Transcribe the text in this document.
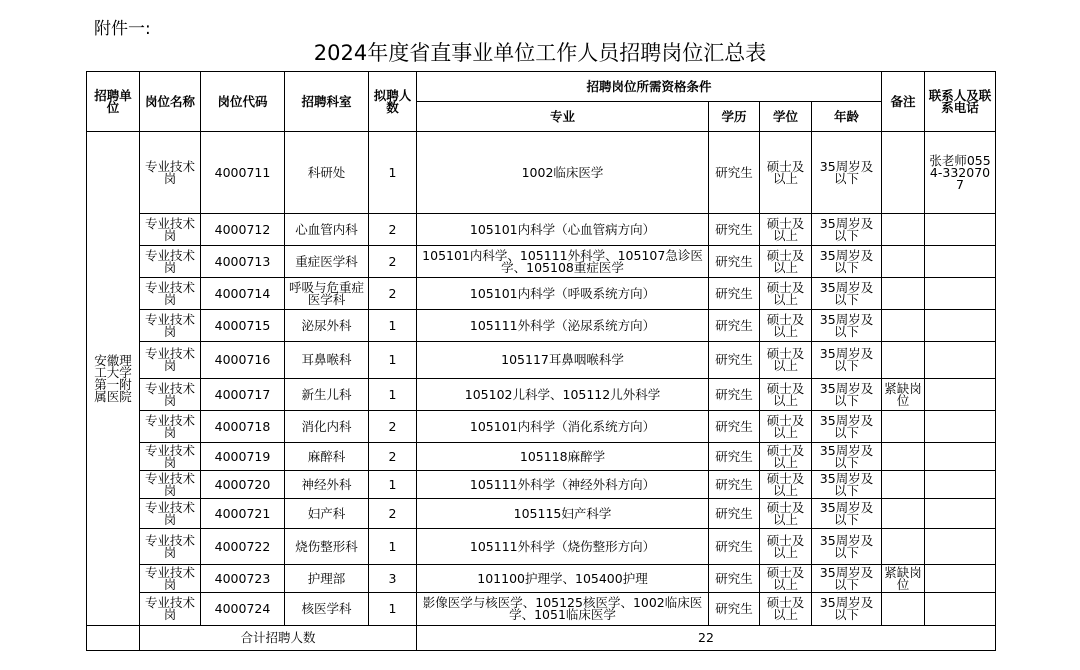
附件一:
2024年度省直事业单位工作人员招聘岗位汇总表
招聘单位	岗位名称	岗位代码	招聘科室	拟聘人数	招聘岗位所需资格条件				备注	联系人及联系电话
					专业	学历	学位	年龄		
安徽理工大学第一附属医院	专业技术岗	4000711	科研处	1	1002临床医学	研究生	硕士及以上	35周岁及以下		张老师0554-3320707
	专业技术岗	4000712	心血管内科	2	105101内科学（心血管病方向）	研究生	硕士及以上	35周岁及以下		
	专业技术岗	4000713	重症医学科	2	105101内科学、105111外科学、105107急诊医学、105108重症医学	研究生	硕士及以上	35周岁及以下		
	专业技术岗	4000714	呼吸与危重症医学科	2	105101内科学（呼吸系统方向）	研究生	硕士及以上	35周岁及以下		
	专业技术岗	4000715	泌尿外科	1	105111外科学（泌尿系统方向）	研究生	硕士及以上	35周岁及以下		
	专业技术岗	4000716	耳鼻喉科	1	105117耳鼻咽喉科学	研究生	硕士及以上	35周岁及以下		
	专业技术岗	4000717	新生儿科	1	105102儿科学、105112儿外科学	研究生	硕士及以上	35周岁及以下	紧缺岗位	
	专业技术岗	4000718	消化内科	2	105101内科学（消化系统方向）	研究生	硕士及以上	35周岁及以下		
	专业技术岗	4000719	麻醉科	2	105118麻醉学	研究生	硕士及以上	35周岁及以下		
	专业技术岗	4000720	神经外科	1	105111外科学（神经外科方向）	研究生	硕士及以上	35周岁及以下		
	专业技术岗	4000721	妇产科	2	105115妇产科学	研究生	硕士及以上	35周岁及以下		
	专业技术岗	4000722	烧伤整形科	1	105111外科学（烧伤整形方向）	研究生	硕士及以上	35周岁及以下		
	专业技术岗	4000723	护理部	3	101100护理学、105400护理	研究生	硕士及以上	35周岁及以下	紧缺岗位	
	专业技术岗	4000724	核医学科	1	影像医学与核医学、105125核医学、1002临床医学、1051临床医学	研究生	硕士及以上	35周岁及以下		
	合计招聘人数				22					
